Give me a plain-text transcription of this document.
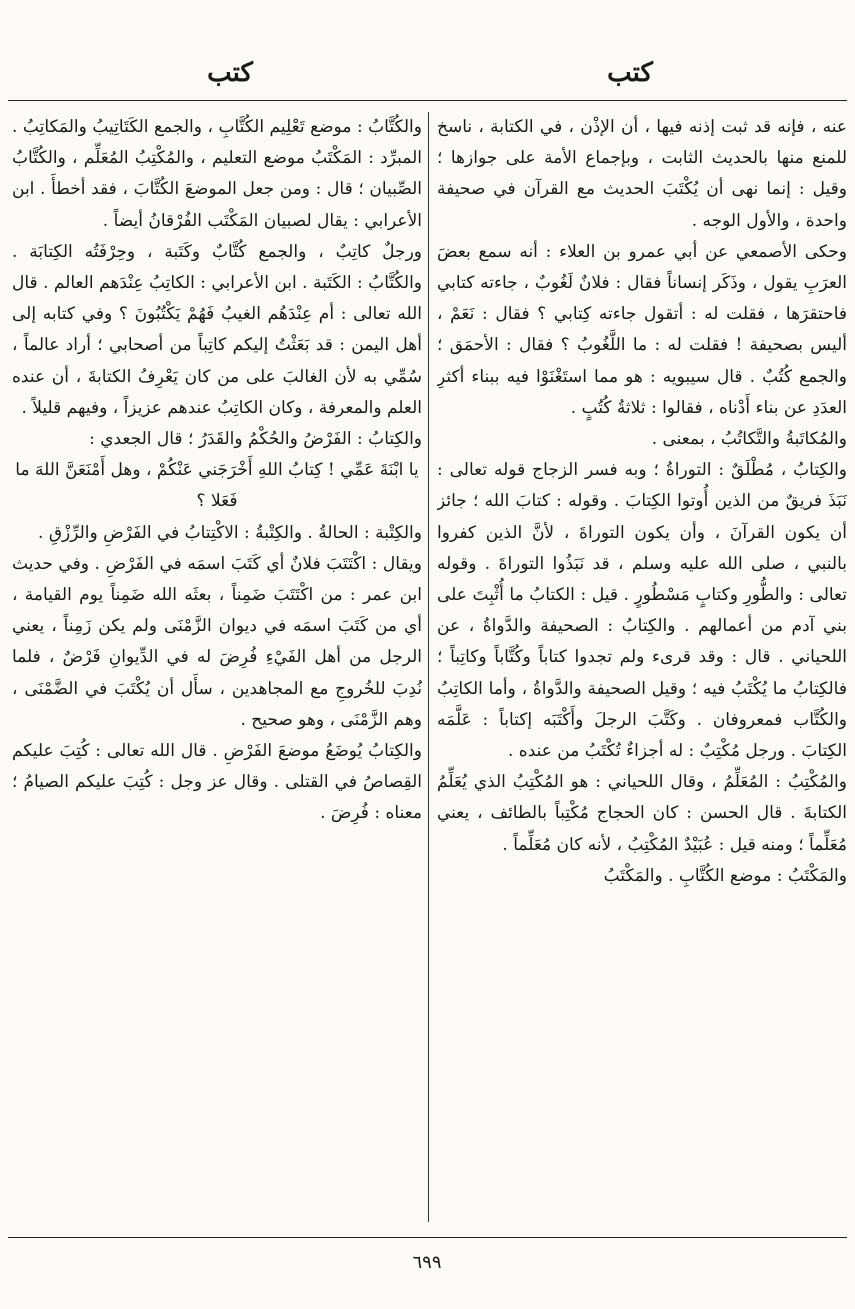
كتب
كتب

عنه ، فإنه قد ثبت إذنه فيها ، أن الإذْن ، في الكتابة ، ناسخ للمنع منها بالحديث الثابت ، وبإجماع الأمة على جوازها ؛ وقيل : إنما نهى أن يُكْتَبَ الحديث مع القرآن في صحيفة واحدة ، والأول الوجه .

وحكى الأصمعي عن أبي عمرو بن العلاء : أنه سمع بعضَ العرَبِ يقول ، وذَكَر إنساناً فقال : فلانٌ لَغُوبٌ ، جاءته كتابي فاحتقرَها ، فقلت له : أتقول جاءته كِتابي ؟ فقال : نَعَمْ ، أليس بصحيفة ! فقلت له : ما اللَّغُوبُ ؟ فقال : الأحمَق ؛ والجمع كُتُبٌ . قال سيبويه : هو مما استَغْنَوْا فيه ببناء أكثرِ العدَدِ عن بناء أَدْناه ، فقالوا : ثلاثةُ كُتُبٍ .

والمُكاتَبةُ والتَّكاتُبُ ، بمعنى .

والكِتابُ ، مُطْلَقٌ : التوراةُ ؛ وبه فسر الزجاج قوله تعالى : نَبَذَ فريقٌ من الذين أُوتوا الكِتابَ . وقوله : كتابَ الله ؛ جائز أن يكون القرآنَ ، وأن يكون التوراةَ ، لأنَّ الذين كفروا بالنبي ، صلى الله عليه وسلم ، قد نَبَذُوا التوراةَ . وقوله تعالى : والطُّورِ وكتابٍ مَسْطُورٍ . قيل : الكتابُ ما أُثْبِتَ على بني آدم من أعمالهم . والكِتابُ : الصحيفة والدَّواةُ ، عن اللحياني . قال : وقد قرىء ولم تجدوا كتاباً وكُتَّاباً وكاتِباً ؛ فالكِتابُ ما يُكْتَبُ فيه ؛ وقيل الصحيفة والدَّواةُ ، وأما الكاتِبُ والكُتَّاب فمعروفان . وكَتَّبَ الرجلَ وأَكْتَبَه إكتاباً : عَلَّمَه الكِتابَ . ورجل مُكْتِبٌ : له أجزاءٌ تُكْتَبُ من عنده .

والمُكْتِبُ : المُعَلِّمُ ، وقال اللحياني : هو المُكْتِبُ الذي يُعَلِّمُ الكتابةَ . قال الحسن : كان الحجاج مُكْتِباً بالطائف ، يعني مُعَلِّماً ؛ ومنه قيل : عُبَيْدٌ المُكْتِبُ ، لأنه كان مُعَلِّماً .

والمَكْتَبُ : موضع الكُتَّابِ . والمَكْتَبُ

والكُتَّابُ : موضع تَعْلِيم الكُتَّابِ ، والجمع الكَتَاتِيبُ والمَكاتِبُ . المبرِّد : المَكْتَبُ موضع التعليم ، والمُكْتِبُ المُعَلِّم ، والكُتَّابُ الصِّبيان ؛ قال : ومن جعل الموضعَ الكُتَّابَ ، فقد أخطأَ . ابن الأعرابي : يقال لصبيان المَكْتَب الفُرْقانُ أيضاً .

ورجلٌ كاتِبٌ ، والجمع كُتَّابٌ وكَتَبة ، وحِرْفَتُه الكِتابَة . والكُتَّابُ : الكَتَبة . ابن الأعرابي : الكاتِبُ عِنْدَهم العالم . قال الله تعالى : أم عِنْدَهُم الغيبُ فَهُمْ يَكْتُبُونَ ؟ وفي كتابه إلى أهل اليمن : قد بَعَثْتُ إليكم كاتِباً من أصحابي ؛ أراد عالماً ، سُمِّي به لأن الغالبَ على من كان يَعْرِفُ الكتابةَ ، أن عنده العلم والمعرفة ، وكان الكاتِبُ عندهم عزيزاً ، وفيهم قليلاً .

والكِتابُ : الفَرْضُ والحُكْمُ والقَدَرُ ؛ قال الجعدي :

يا ابْنَةَ عَمِّي ! كِتابُ اللهِ أَخْرَجَني عَنْكُمْ ، وهل أَمْنَعَنَّ اللهَ ما فَعَلا ؟

والكِتْبة : الحالةُ . والكِتْبةُ : الاكْتِتابُ في الفَرْضِ والرِّزْقِ .

ويقال : اكْتَتَبَ فلانٌ أي كَتَبَ اسمَه في الفَرْضِ . وفي حديث ابن عمر : من اكْتَتَبَ ضَمِناً ، بعثَه الله ضَمِناً يوم القيامة ، أي من كَتَبَ اسمَه في ديوان الزَّمْنَى ولم يكن زَمِناً ، يعني الرجل من أهل الفَيْءِ فُرِضَ له في الدِّيوانِ فَرْضٌ ، فلما نُدِبَ للخُروجِ مع المجاهدين ، سأَل أن يُكْتَبَ في الضَّمْنَى ، وهم الزَّمْنَى ، وهو صحيح .

والكِتابُ يُوضَعُ موضعَ الفَرْضِ . قال الله تعالى : كُتِبَ عليكم القِصاصُ في القتلى . وقال عز وجل : كُتِبَ عليكم الصيامُ ؛ معناه : فُرِضَ .

٦٩٩
